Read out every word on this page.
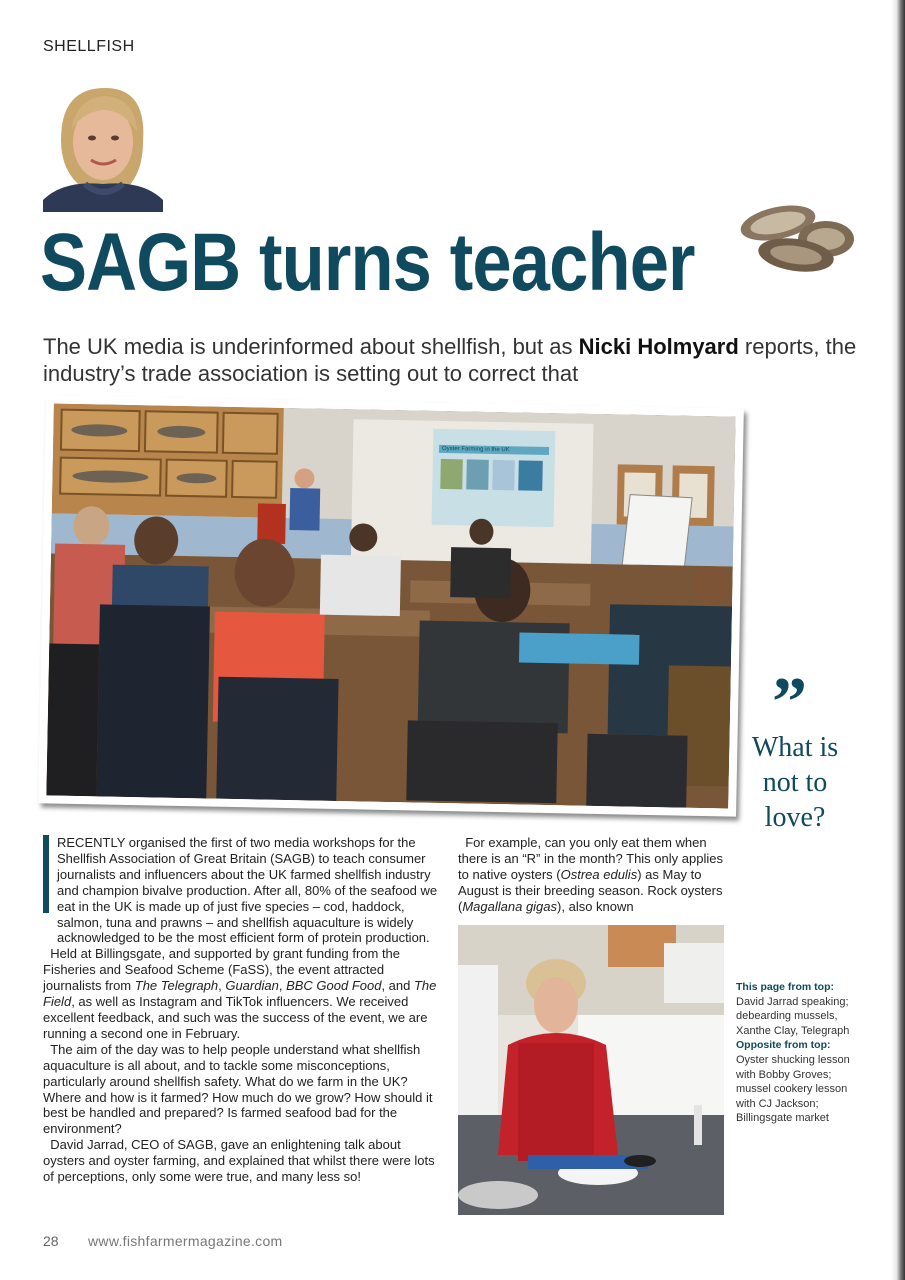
SHELLFISH
SAGB turns teacher
The UK media is underinformed about shellfish, but as Nicki Holmyard reports, the industry’s trade association is setting out to correct that
Oyster Farming in the UK
”
What is not to love?

RECENTLY organised the first of two media workshops for the Shellfish Association of Great Britain (SAGB) to teach consumer journalists and influencers about the UK farmed shellfish industry and champion bivalve production. After all, 80% of the seafood we eat in the UK is made up of just five species – cod, haddock, salmon, tuna and prawns – and shellfish aquaculture is widely acknowledged to be the most efficient form of protein production.

Held at Billingsgate, and supported by grant funding from the Fisheries and Seafood Scheme (FaSS), the event attracted journalists from The Telegraph, Guardian, BBC Good Food, and The Field, as well as Instagram and TikTok influencers. We received excellent feedback, and such was the success of the event, we are running a second one in February.

The aim of the day was to help people understand what shellfish aquaculture is all about, and to tackle some misconceptions, particularly around shellfish safety. What do we farm in the UK? Where and how is it farmed? How much do we grow? How should it best be handled and prepared? Is farmed seafood bad for the environment?

David Jarrad, CEO of SAGB, gave an enlightening talk about oysters and oyster farming, and explained that whilst there were lots of perceptions, only some were true, and many less so!

For example, can you only eat them when there is an “R” in the month? This only applies to native oysters (Ostrea edulis) as May to August is their breeding season. Rock oysters (Magallana gigas), also known
This page from top: David Jarrad speaking; debearding mussels, Xanthe Clay, Telegraph
Opposite from top: Oyster shucking lesson with Bobby Groves; mussel cookery lesson with CJ Jackson; Billingsgate market
28 www.fishfarmermagazine.com
